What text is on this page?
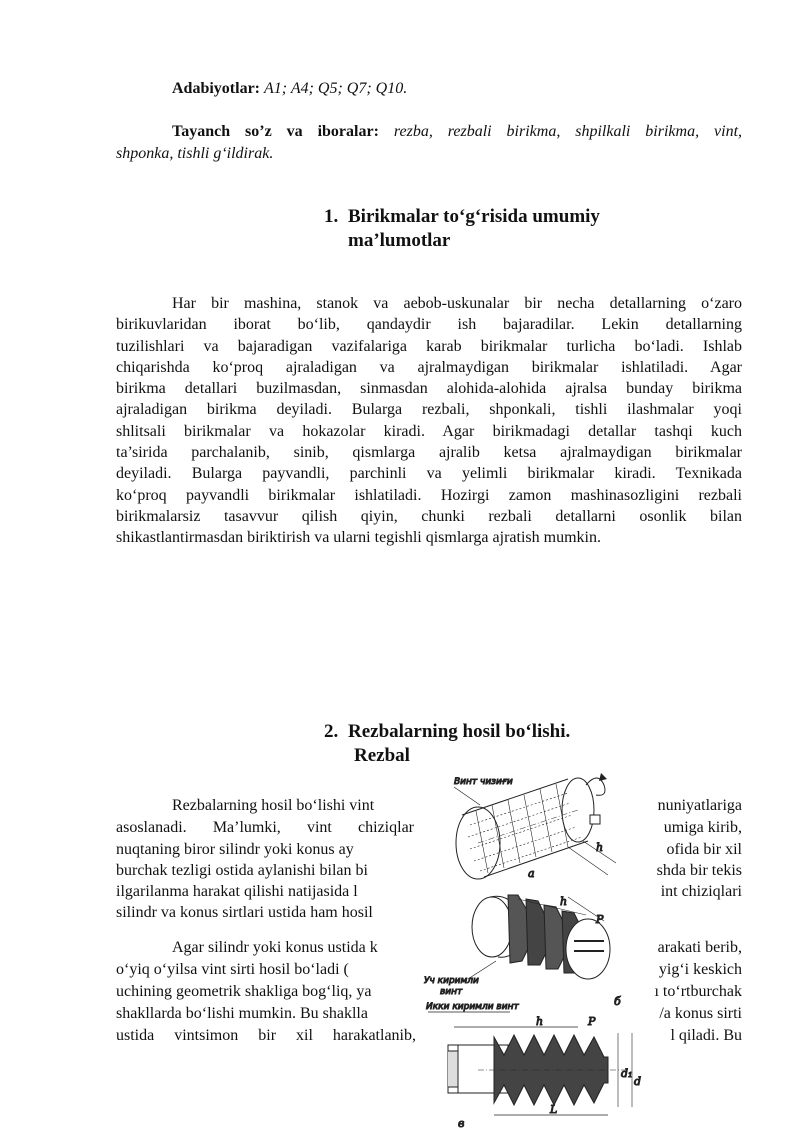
Adabiyotlar: A1; A4; Q5; Q7; Q10.
Tayanch so’z va iboralar: rezba, rezbali birikma, shpilkali birikma, vint,
shponka, tishli g‘ildirak.
1. Birikmalar to‘g‘risida umumiy
ma’lumotlar
Har bir mashina, stanok va aebob-uskunalar bir necha detallarning o‘zaro
birikuvlaridan iborat bo‘lib, qandaydir ish bajaradilar. Lekin detallarning
tuzilishlari va bajaradigan vazifalariga karab birikmalar turlicha bo‘ladi. Ishlab
chiqarishda ko‘proq ajraladigan va ajralmaydigan birikmalar ishlatiladi. Agar
birikma detallari buzilmasdan, sinmasdan alohida-alohida ajralsa bunday birikma
ajraladigan birikma deyiladi. Bularga rezbali, shponkali, tishli ilashmalar yoqi
shlitsali birikmalar va hokazolar kiradi. Agar birikmadagi detallar tashqi kuch
ta’sirida parchalanib, sinib, qismlarga ajralib ketsa ajralmaydigan birikmalar
deyiladi. Bularga payvandli, parchinli va yelimli birikmalar kiradi. Texnikada
ko‘proq payvandli birikmalar ishlatiladi. Hozirgi zamon mashinasozligini rezbali
birikmalarsiz tasavvur qilish qiyin, chunki rezbali detallarni osonlik bilan
shikastlantirmasdan biriktirish va ularni tegishli qismlarga ajratish mumkin.
2. Rezbalarning hosil bo‘lishi.
Rezbal
Rezbalarning hosil bo‘lishi vint
asoslanadi. Ma’lumki, vint chiziqlar
nuqtaning biror silindr yoki konus ay
burchak tezligi ostida aylanishi bilan bi
ilgarilanma harakat qilishi natijasida l
silindr va konus sirtlari ustida ham hosil
nuniyatlariga
umiga kirib,
ofida bir xil
shda bir tekis
int chiziqlari
Agar silindr yoki konus ustida k
o‘yiq o‘yilsa vint sirti hosil bo‘ladi (
uchining geometrik shakliga bog‘liq, ya
shakllarda bo‘lishi mumkin. Bu shaklla
ustida vintsimon bir xil harakatlanib,
arakati berib,
yig‘i keskich
ı to‘rtburchak
/a konus sirti
l qiladi. Bu
Винт чизиғи
h
a
h
P
б
Уч киримли
винт
Икки киримли винт
h	P
d₁
d
L
в
